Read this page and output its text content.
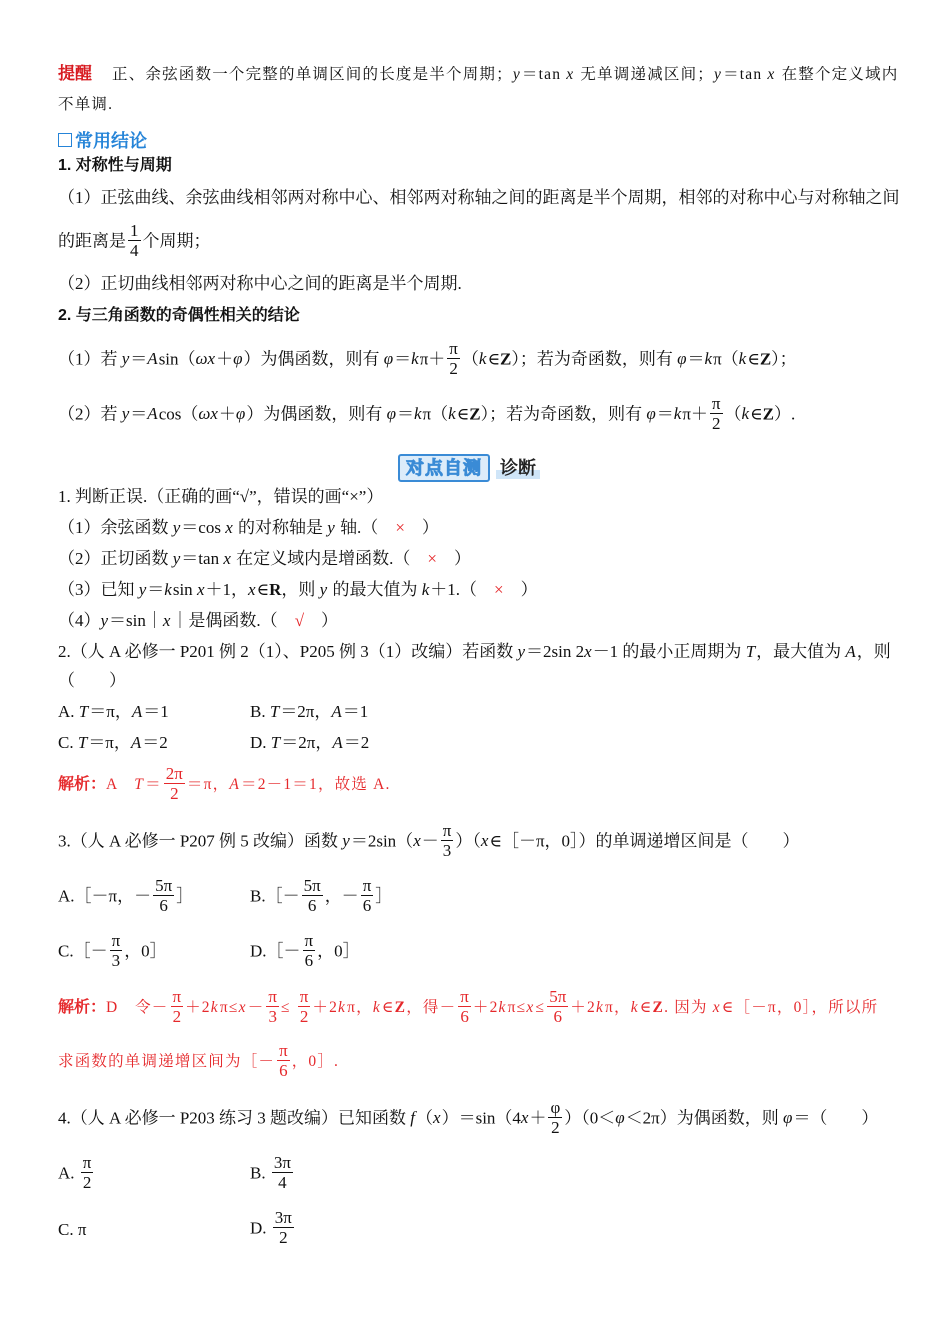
提醒 正、余弦函数一个完整的单调区间的长度是半个周期；y＝tan x 无单调递减区间；y＝tan x 在整个定义域内
不单调.
常用结论
1. 对称性与周期
（1）正弦曲线、余弦曲线相邻两对称中心、相邻两对称轴之间的距离是半个周期，相邻的对称中心与对称轴之间
的距离是 $\frac{1}{4}$ 个周期；
（2）正切曲线相邻两对称中心之间的距离是半个周期.
2. 与三角函数的奇偶性相关的结论
（1）若 y＝Asin（ωx＋φ）为偶函数，则有 $\varphi=k\pi+ \frac{\pi}{2}$ （k∈Z）；若为奇函数，则有 φ＝kπ（k∈Z）；
（2）若 y＝Acos（ωx＋φ）为偶函数，则有 φ＝kπ（k∈Z）；若为奇函数，则有 $\varphi=k\pi+ \frac{\pi}{2}$ （k∈Z）.
对点自测	诊断
1. 判断正误.（正确的画“√”，错误的画“×”）
（1）余弦函数 y＝cos x 的对称轴是 y 轴.（ × ）
（2）正切函数 y＝tan x 在定义域内是增函数.（ × ）
（3）已知 y＝ksin x＋1，x∈R，则 y 的最大值为 k＋1.（ × ）
（4）y＝sin｜x｜是偶函数.（ √ ）
2.（人 A 必修一 P201 例 2（1）、P205 例 3（1）改编）若函数 y＝2sin 2x－1 的最小正周期为 T，最大值为 A，则
（　　）
A. T＝π，A＝1	B. T＝2π，A＝1
C. T＝π，A＝2	D. T＝2π，A＝2
解析：A　$T= \frac{2\pi}{2} =\pi$，A＝2－1＝1，故选 A.
3.（人 A 必修一 P207 例 5 改编）函数 $y=2\sin(x- \frac{\pi}{3}$ ）（x∈［－π，0］）的单调递增区间是（　　）
A.［－π，－ $\frac{5\pi}{6}$ ］	B.［－ $\frac{5\pi}{6}$ ，－ $\frac{\pi}{6}$ ］
C.［－ $\frac{\pi}{3}$ ，0］	D.［－ $\frac{\pi}{6}$ ，0］
解析：D　令－ $\frac{\pi}{2} +2k\pi\le x- \frac{\pi}{3} \le \frac{\pi}{2} +2k\pi$，k∈Z，得－ $\frac{\pi}{6} +2k\pi\le x\le \frac{5\pi}{6} +2k\pi$，k∈Z. 因为 x∈［－π，0］，所以所
求函数的单调递增区间为［－ $\frac{\pi}{6}$ ，0］.
4.（人 A 必修一 P203 练习 3 题改编）已知函数 $f(x)=\sin(4x+ \frac{\varphi}{2} )(0<\varphi<2\pi)$为偶函数，则 φ＝（　　）
A. $\frac{\pi}{2}$	B. $\frac{3\pi}{4}$
C. π	D. $\frac{3\pi}{2}$
